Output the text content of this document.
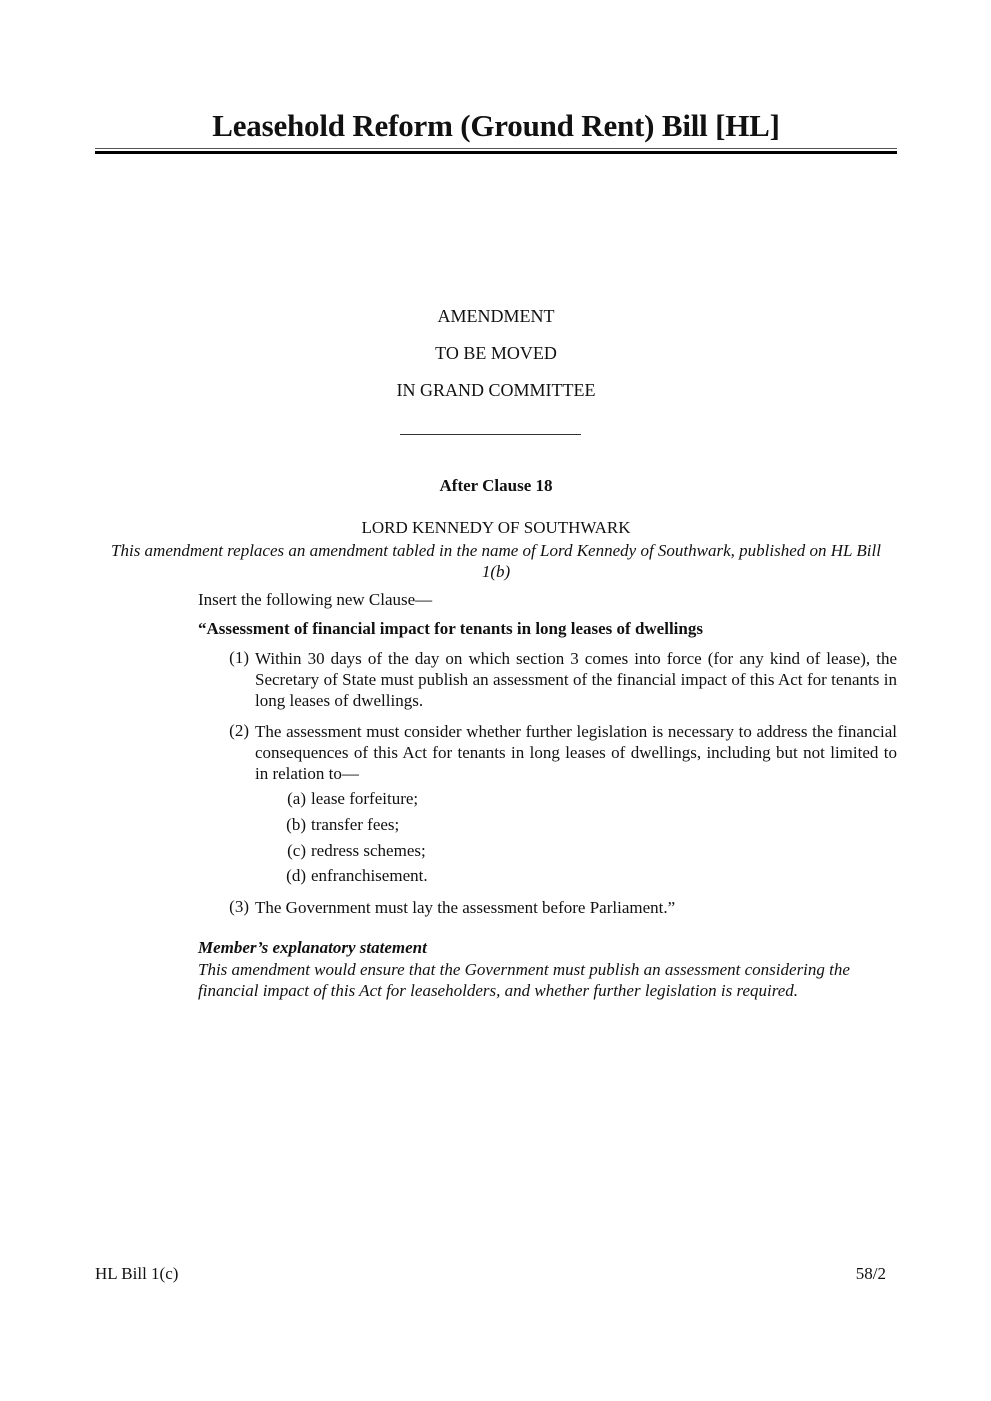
Leasehold Reform (Ground Rent) Bill [HL]
AMENDMENT
TO BE MOVED
IN GRAND COMMITTEE
After Clause 18
LORD KENNEDY OF SOUTHWARK
This amendment replaces an amendment tabled in the name of Lord Kennedy of Southwark, published on HL Bill 1(b)
Insert the following new Clause—
“Assessment of financial impact for tenants in long leases of dwellings
(1) Within 30 days of the day on which section 3 comes into force (for any kind of lease), the Secretary of State must publish an assessment of the financial impact of this Act for tenants in long leases of dwellings.
(2) The assessment must consider whether further legislation is necessary to address the financial consequences of this Act for tenants in long leases of dwellings, including but not limited to in relation to—
(a) lease forfeiture;
(b) transfer fees;
(c) redress schemes;
(d) enfranchisement.
(3) The Government must lay the assessment before Parliament.”
Member’s explanatory statement
This amendment would ensure that the Government must publish an assessment considering the financial impact of this Act for leaseholders, and whether further legislation is required.
HL Bill 1(c)	58/2
